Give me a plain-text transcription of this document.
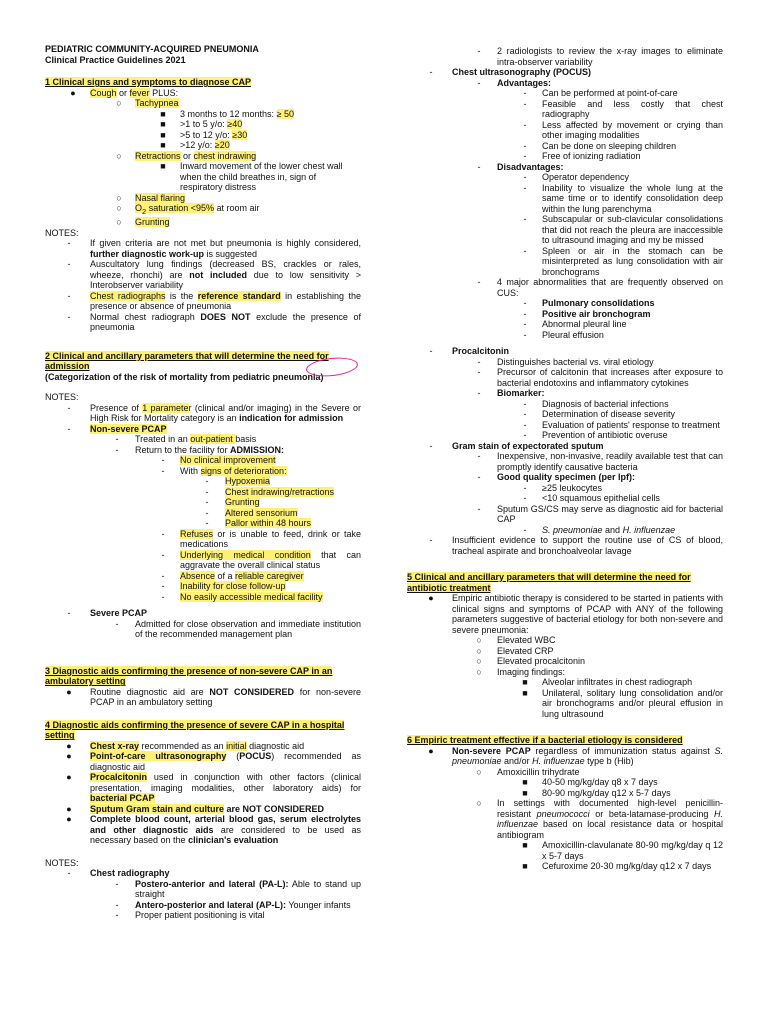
PEDIATRIC COMMUNITY-ACQUIRED PNEUMONIA
Clinical Practice Guidelines 2021
1 Clinical signs and symptoms to diagnose CAP
●	Cough or fever PLUS:
○	Tachypnea
■	3 months to 12 months: ≥ 50
■	>1 to 5 y/o: ≥40
■	>5 to 12 y/o: ≥30
■	>12 y/o: ≥20
○	Retractions or chest indrawing
■	Inward movement of the lower chest wall when the child breathes in, sign of respiratory distress
○	Nasal flaring
○	$O_2$ saturation <95% at room air
○	Grunting
NOTES:
-	If given criteria are not met but pneumonia is highly considered, further diagnostic work-up is suggested
-	Auscultatory lung findings (decreased BS, crackles or rales, wheeze, rhonchi) are not included due to low sensitivity > Interobserver variability
-	Chest radiographs is the reference standard in establishing the presence or absence of pneumonia
-	Normal chest radiograph DOES NOT exclude the presence of pneumonia
2 Clinical and ancillary parameters that will determine the need for admission
(Categorization of the risk of mortality from pediatric pneumonia)
NOTES:
-	Presence of 1 parameter (clinical and/or imaging) in the Severe or High Risk for Mortality category is an indication for admission
-	Non-severe PCAP
-	Treated in an out-patient basis
-	Return to the facility for ADMISSION:
-	No clinical improvement
-	With signs of deterioration:
-	Hypoxemia
-	Chest indrawing/retractions
-	Grunting
-	Altered sensorium
-	Pallor within 48 hours
-	Refuses or is unable to feed, drink or take medications
-	Underlying medical condition that can aggravate the overall clinical status
-	Absence of a reliable caregiver
-	Inability for close follow-up
-	No easily accessible medical facility
-	Severe PCAP
-	Admitted for close observation and immediate institution of the recommended management plan
3 Diagnostic aids confirming the presence of non-severe CAP in an ambulatory setting
●	Routine diagnostic aid are NOT CONSIDERED for non-severe PCAP in an ambulatory setting
4 Diagnostic aids confirming the presence of severe CAP in a hospital setting
●	Chest x-ray recommended as an initial diagnostic aid
●	Point-of-care ultrasonography (POCUS) recommended as diagnostic aid
●	Procalcitonin used in conjunction with other factors (clinical presentation, imaging modalities, other laboratory aids) for bacterial PCAP
●	Sputum Gram stain and culture are NOT CONSIDERED
●	Complete blood count, arterial blood gas, serum electrolytes and other diagnostic aids are considered to be used as necessary based on the clinician's evaluation
NOTES:
-	Chest radiography
-	Postero-anterior and lateral (PA-L): Able to stand up straight
-	Antero-posterior and lateral (AP-L): Younger infants
-	Proper patient positioning is vital
-	2 radiologists to review the x-ray images to eliminate intra-observer variability
-	Chest ultrasonography (POCUS)
-	Advantages:
-	Can be performed at point-of-care
-	Feasible and less costly that chest radiography
-	Less affected by movement or crying than other imaging modalities
-	Can be done on sleeping children
-	Free of ionizing radiation
-	Disadvantages:
-	Operator dependency
-	Inability to visualize the whole lung at the same time or to identify consolidation deep within the lung parenchyma
-	Subscapular or sub-clavicular consolidations that did not reach the pleura are inaccessible to ultrasound imaging and my be missed
-	Spleen or air in the stomach can be misinterpreted as lung consolidation with air bronchograms
-	4 major abnormalities that are frequently observed on CUS:
-	Pulmonary consolidations
-	Positive air bronchogram
-	Abnormal pleural line
-	Pleural effusion
-	Procalcitonin
-	Distinguishes bacterial vs. viral etiology
-	Precursor of calcitonin that increases after exposure to bacterial endotoxins and inflammatory cytokines
-	Biomarker:
-	Diagnosis of bacterial infections
-	Determination of disease severity
-	Evaluation of patients' response to treatment
-	Prevention of antibiotic overuse
-	Gram stain of expectorated sputum
-	Inexpensive, non-invasive, readily available test that can promptly identify causative bacteria
-	Good quality specimen (per lpf):
-	≥25 leukocytes
-	<10 squamous epithelial cells
-	Sputum GS/CS may serve as diagnostic aid for bacterial CAP
-	S. pneumoniae and H. influenzae
-	Insufficient evidence to support the routine use of CS of blood, tracheal aspirate and bronchoalveolar lavage
5 Clinical and ancillary parameters that will determine the need for antibiotic treatment
●	Empiric antibiotic therapy is considered to be started in patients with clinical signs and symptoms of PCAP with ANY of the following parameters suggestive of bacterial etiology for both non-severe and severe pneumonia:
○	Elevated WBC
○	Elevated CRP
○	Elevated procalcitonin
○	Imaging findings:
■	Alveolar infiltrates in chest radiograph
■	Unilateral, solitary lung consolidation and/or air bronchograms and/or pleural effusion in lung ultrasound
6 Empiric treatment effective if a bacterial etiology is considered
●	Non-severe PCAP regardless of immunization status against S. pneumoniae and/or H. influenzae type b (Hib)
○	Amoxicillin trihydrate
■	40-50 mg/kg/day q8 x 7 days
■	80-90 mg/kg/day q12 x 5-7 days
○	In settings with documented high-level penicillin-resistant pneumococci or beta-latamase-producing H. influenzae based on local resistance data or hospital antibiogram
■	Amoxicillin-clavulanate 80-90 mg/kg/day q 12 x 5-7 days
■	Cefuroxime 20-30 mg/kg/day q12 x 7 days
